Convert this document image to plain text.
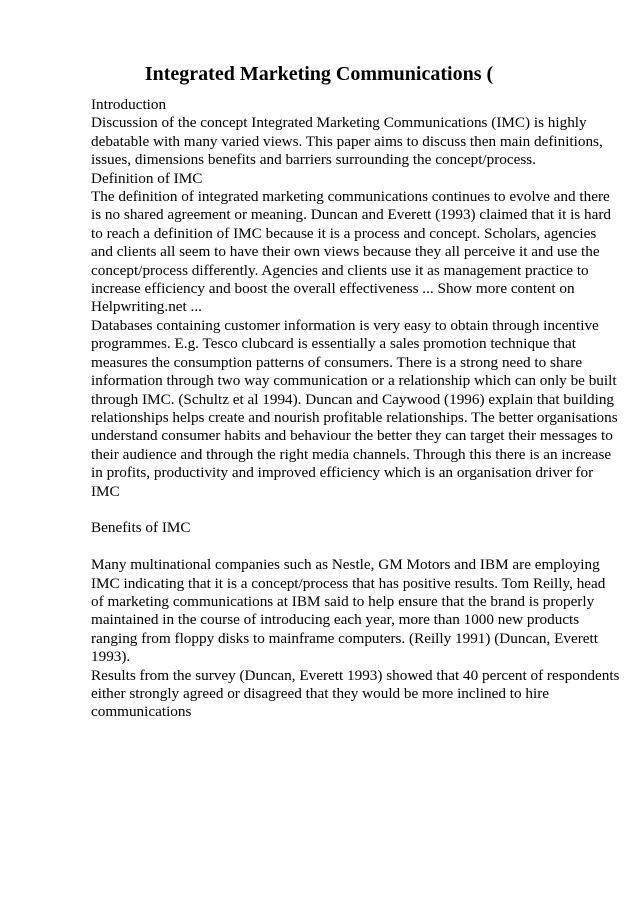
Integrated Marketing Communications (

Introduction

Discussion of the concept Integrated Marketing Communications (IMC) is highly debatable with many varied views. This paper aims to discuss then main definitions, issues, dimensions benefits and barriers surrounding the concept/process.

Definition of IMC

The definition of integrated marketing communications continues to evolve and there is no shared agreement or meaning. Duncan and Everett (1993) claimed that it is hard to reach a definition of IMC because it is a process and concept. Scholars, agencies and clients all seem to have their own views because they all perceive it and use the concept/process differently. Agencies and clients use it as management practice to increase efficiency and boost the overall effectiveness ... Show more content on Helpwriting.net ...

Databases containing customer information is very easy to obtain through incentive programmes. E.g. Tesco clubcard is essentially a sales promotion technique that measures the consumption patterns of consumers. There is a strong need to share information through two way communication or a relationship which can only be built through IMC. (Schultz et al 1994). Duncan and Caywood (1996) explain that building relationships helps create and nourish profitable relationships. The better organisations understand consumer habits and behaviour the better they can target their messages to their audience and through the right media channels. Through this there is an increase in profits, productivity and improved efficiency which is an organisation driver for IMC

Benefits of IMC

Many multinational companies such as Nestle, GM Motors and IBM are employing IMC indicating that it is a concept/process that has positive results. Tom Reilly, head of marketing communications at IBM said to help ensure that the brand is properly maintained in the course of introducing each year, more than 1000 new products ranging from floppy disks to mainframe computers. (Reilly 1991) (Duncan, Everett 1993).

Results from the survey (Duncan, Everett 1993) showed that 40 percent of respondents either strongly agreed or disagreed that they would be more inclined to hire communications
